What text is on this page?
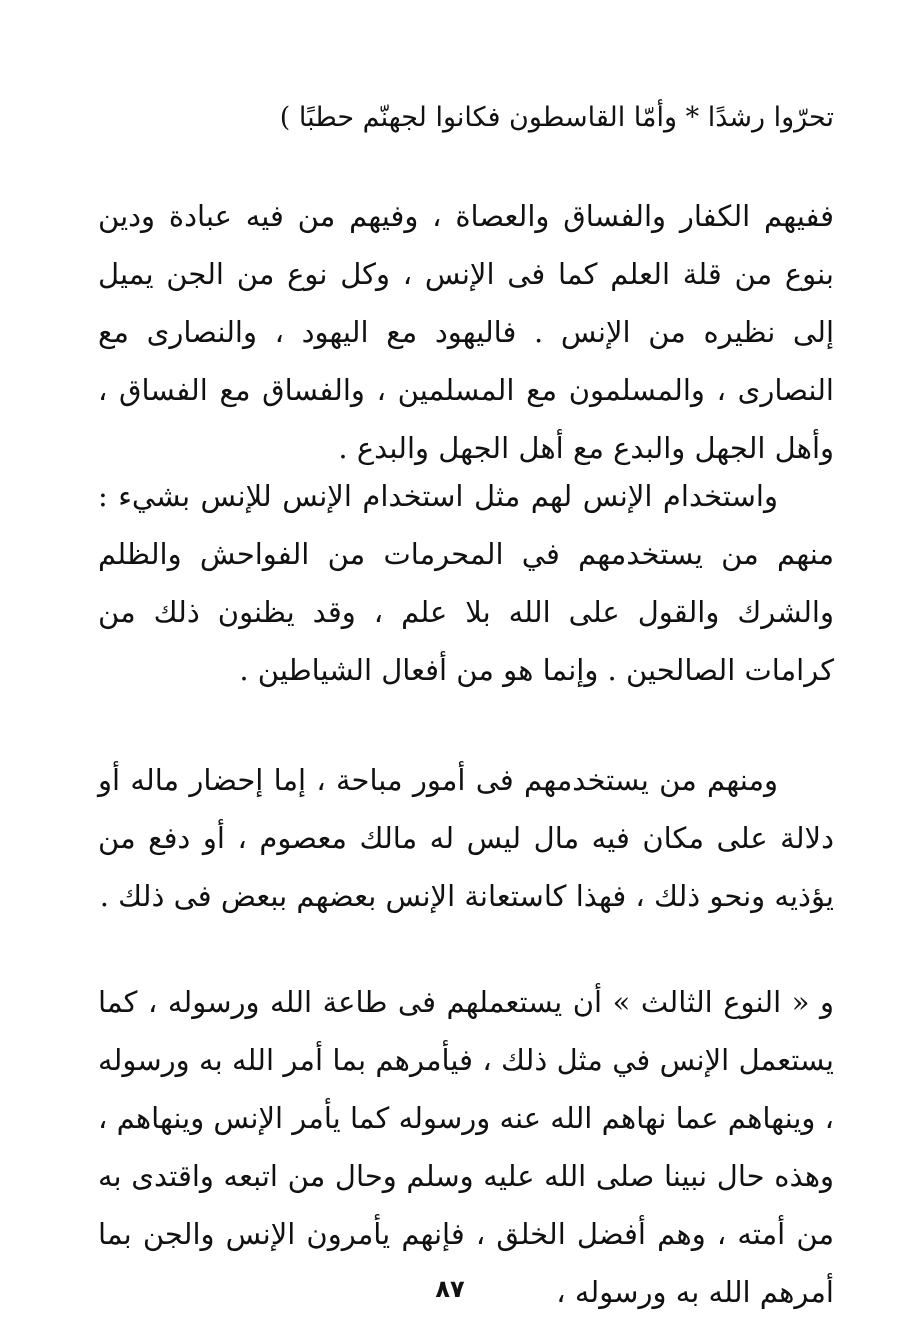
تحرّوا رشدًا * وأمّا القاسطون فكانوا لجهنّم حطبًا )

ففيهم الكفار والفساق والعصاة ، وفيهم من فيه عبادة ودين بنوع من قلة العلم كما فى الإنس ، وكل نوع من الجن يميل إلى نظيره من الإنس . فاليهود مع اليهود ، والنصارى مع النصارى ، والمسلمون مع المسلمين ، والفساق مع الفساق ، وأهل الجهل والبدع مع أهل الجهل والبدع .

واستخدام الإنس لهم مثل استخدام الإنس للإنس بشيء : منهم من يستخدمهم في المحرمات من الفواحش والظلم والشرك والقول على الله بلا علم ، وقد يظنون ذلك من كرامات الصالحين . وإنما هو من أفعال الشياطين .

ومنهم من يستخدمهم فى أمور مباحة ، إما إحضار ماله أو دلالة على مكان فيه مال ليس له مالك معصوم ، أو دفع من يؤذيه ونحو ذلك ، فهذا كاستعانة الإنس بعضهم ببعض فى ذلك .

و « النوع الثالث » أن يستعملهم فى طاعة الله ورسوله ، كما يستعمل الإنس في مثل ذلك ، فيأمرهم بما أمر الله به ورسوله ، وينهاهم عما نهاهم الله عنه ورسوله كما يأمر الإنس وينهاهم ، وهذه حال نبينا صلى الله عليه وسلم وحال من اتبعه واقتدى به من أمته ، وهم أفضل الخلق ، فإنهم يأمرون الإنس والجن بما أمرهم الله به ورسوله ،

٨٧
